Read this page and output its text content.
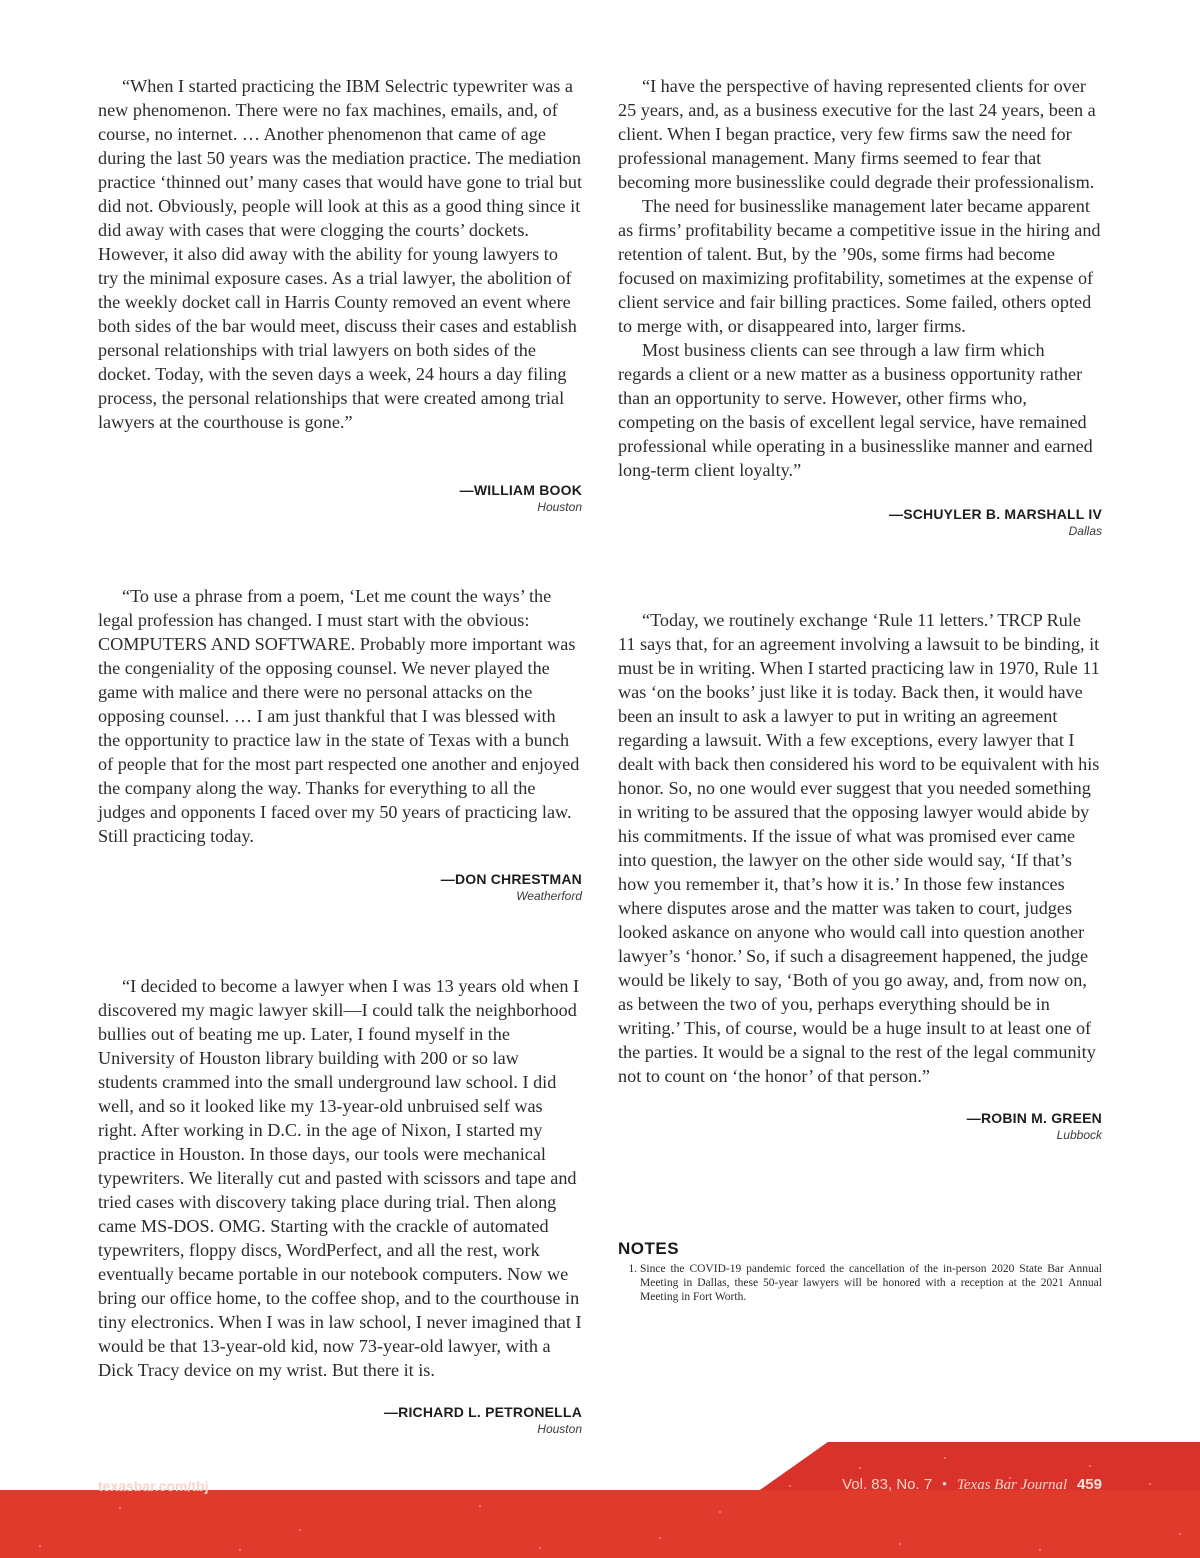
“When I started practicing the IBM Selectric typewriter was a new phenomenon. There were no fax machines, emails, and, of course, no internet. … Another phenomenon that came of age during the last 50 years was the mediation practice. The mediation practice ‘thinned out’ many cases that would have gone to trial but did not. Obviously, people will look at this as a good thing since it did away with cases that were clogging the courts’ dockets. However, it also did away with the ability for young lawyers to try the minimal exposure cases. As a trial lawyer, the abolition of the weekly docket call in Harris County removed an event where both sides of the bar would meet, discuss their cases and establish personal relationships with trial lawyers on both sides of the docket. Today, with the seven days a week, 24 hours a day filing process, the personal relationships that were created among trial lawyers at the courthouse is gone.”

—WILLIAM BOOK
Houston

“I have the perspective of having represented clients for over 25 years, and, as a business executive for the last 24 years, been a client. When I began practice, very few firms saw the need for professional management. Many firms seemed to fear that becoming more businesslike could degrade their professionalism.

The need for businesslike management later became apparent as firms’ profitability became a competitive issue in the hiring and retention of talent. But, by the ’90s, some firms had become focused on maximizing profitability, sometimes at the expense of client service and fair billing practices. Some failed, others opted to merge with, or disappeared into, larger firms.

Most business clients can see through a law firm which regards a client or a new matter as a business opportunity rather than an opportunity to serve. However, other firms who, competing on the basis of excellent legal service, have remained professional while operating in a businesslike manner and earned long-term client loyalty.”

—SCHUYLER B. MARSHALL IV
Dallas

“To use a phrase from a poem, ‘Let me count the ways’ the legal profession has changed. I must start with the obvious: COMPUTERS AND SOFTWARE. Probably more important was the congeniality of the opposing counsel. We never played the game with malice and there were no personal attacks on the opposing counsel. … I am just thankful that I was blessed with the opportunity to practice law in the state of Texas with a bunch of people that for the most part respected one another and enjoyed the company along the way. Thanks for everything to all the judges and opponents I faced over my 50 years of practicing law. Still practicing today.

—DON CHRESTMAN
Weatherford

“Today, we routinely exchange ‘Rule 11 letters.’ TRCP Rule 11 says that, for an agreement involving a lawsuit to be binding, it must be in writing. When I started practicing law in 1970, Rule 11 was ‘on the books’ just like it is today. Back then, it would have been an insult to ask a lawyer to put in writing an agreement regarding a lawsuit. With a few exceptions, every lawyer that I dealt with back then considered his word to be equivalent with his honor. So, no one would ever suggest that you needed something in writing to be assured that the opposing lawyer would abide by his commitments. If the issue of what was promised ever came into question, the lawyer on the other side would say, ‘If that’s how you remember it, that’s how it is.’ In those few instances where disputes arose and the matter was taken to court, judges looked askance on anyone who would call into question another lawyer’s ‘honor.’ So, if such a disagreement happened, the judge would be likely to say, ‘Both of you go away, and, from now on, as between the two of you, perhaps everything should be in writing.’ This, of course, would be a huge insult to at least one of the parties. It would be a signal to the rest of the legal community not to count on ‘the honor’ of that person.”

—ROBIN M. GREEN
Lubbock

“I decided to become a lawyer when I was 13 years old when I discovered my magic lawyer skill—I could talk the neighborhood bullies out of beating me up. Later, I found myself in the University of Houston library building with 200 or so law students crammed into the small underground law school. I did well, and so it looked like my 13-year-old unbruised self was right. After working in D.C. in the age of Nixon, I started my practice in Houston. In those days, our tools were mechanical typewriters. We literally cut and pasted with scissors and tape and tried cases with discovery taking place during trial. Then along came MS-DOS. OMG. Starting with the crackle of automated typewriters, floppy discs, WordPerfect, and all the rest, work eventually became portable in our notebook computers. Now we bring our office home, to the coffee shop, and to the courthouse in tiny electronics. When I was in law school, I never imagined that I would be that 13-year-old kid, now 73-year-old lawyer, with a Dick Tracy device on my wrist. But there it is.

—RICHARD L. PETRONELLA
Houston
NOTES
1. Since the COVID-19 pandemic forced the cancellation of the in-person 2020 State Bar Annual Meeting in Dallas, these 50-year lawyers will be honored with a reception at the 2021 Annual Meeting in Fort Worth.
texasbar.com/tbj	Vol. 83, No. 7 • Texas Bar Journal 459
